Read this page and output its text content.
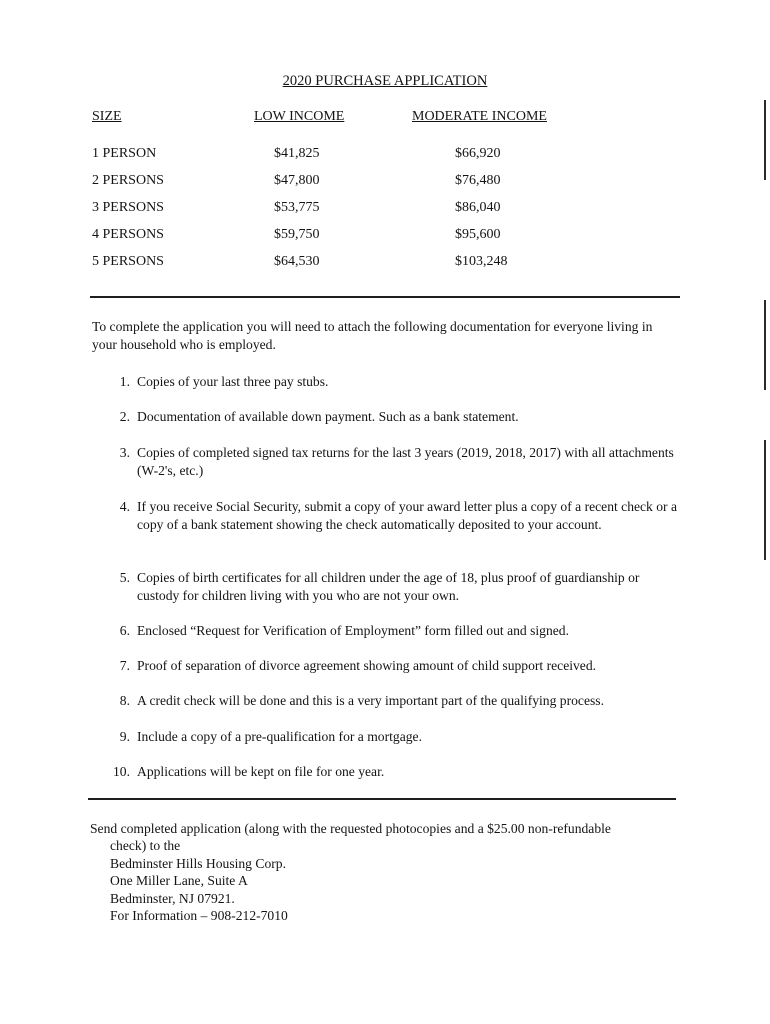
2020 PURCHASE APPLICATION
SIZE	LOW INCOME	MODERATE INCOME
1 PERSON	$41,825	$66,920
2 PERSONS	$47,800	$76,480
3 PERSONS	$53,775	$86,040
4 PERSONS	$59,750	$95,600
5 PERSONS	$64,530	$103,248
To complete the application you will need to attach the following documentation for everyone living in your household who is employed.
1. Copies of your last three pay stubs.
2. Documentation of available down payment. Such as a bank statement.
3. Copies of completed signed tax returns for the last 3 years (2019, 2018, 2017) with all attachments (W-2's, etc.)
4. If you receive Social Security, submit a copy of your award letter plus a copy of a recent check or a copy of a bank statement showing the check automatically deposited to your account.
5. Copies of birth certificates for all children under the age of 18, plus proof of guardianship or custody for children living with you who are not your own.
6. Enclosed “Request for Verification of Employment” form filled out and signed.
7. Proof of separation of divorce agreement showing amount of child support received.
8. A credit check will be done and this is a very important part of the qualifying process.
9. Include a copy of a pre-qualification for a mortgage.
10. Applications will be kept on file for one year.
Send completed application (along with the requested photocopies and a $25.00 non-refundable
check) to the
Bedminster Hills Housing Corp.
One Miller Lane, Suite A
Bedminster, NJ 07921.
For Information – 908-212-7010
